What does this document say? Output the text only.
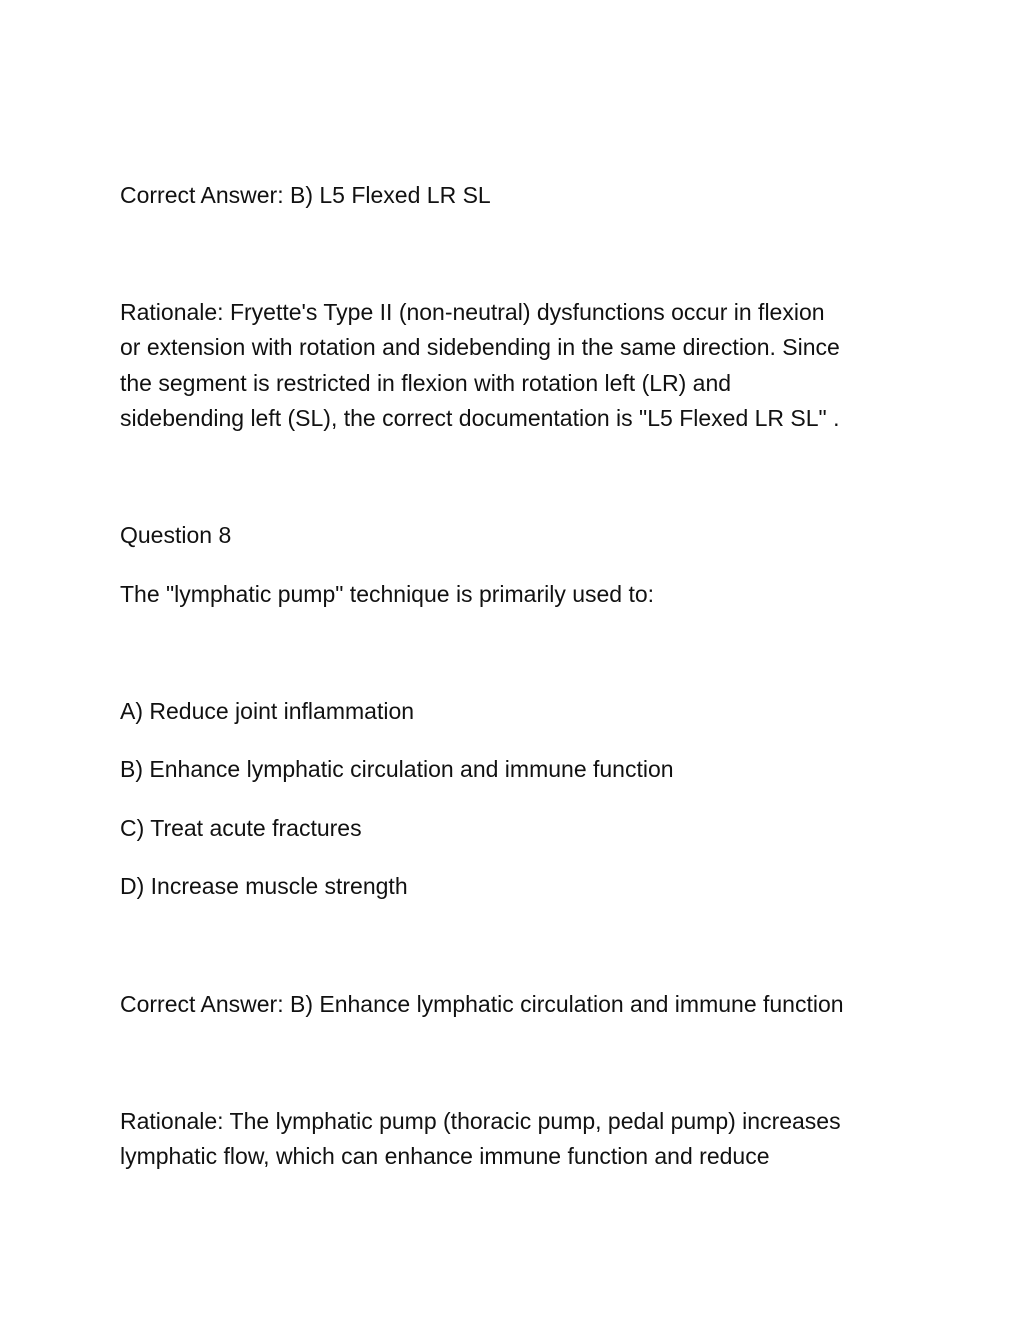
Correct Answer: B) L5 Flexed LR SL
Rationale: Fryette's Type II (non-neutral) dysfunctions occur in flexion
or extension with rotation and sidebending in the same direction. Since
the segment is restricted in flexion with rotation left (LR) and
sidebending left (SL), the correct documentation is "L5 Flexed LR SL" .
Question 8
The "lymphatic pump" technique is primarily used to:
A) Reduce joint inflammation
B) Enhance lymphatic circulation and immune function
C) Treat acute fractures
D) Increase muscle strength
Correct Answer: B) Enhance lymphatic circulation and immune function
Rationale: The lymphatic pump (thoracic pump, pedal pump) increases
lymphatic flow, which can enhance immune function and reduce
